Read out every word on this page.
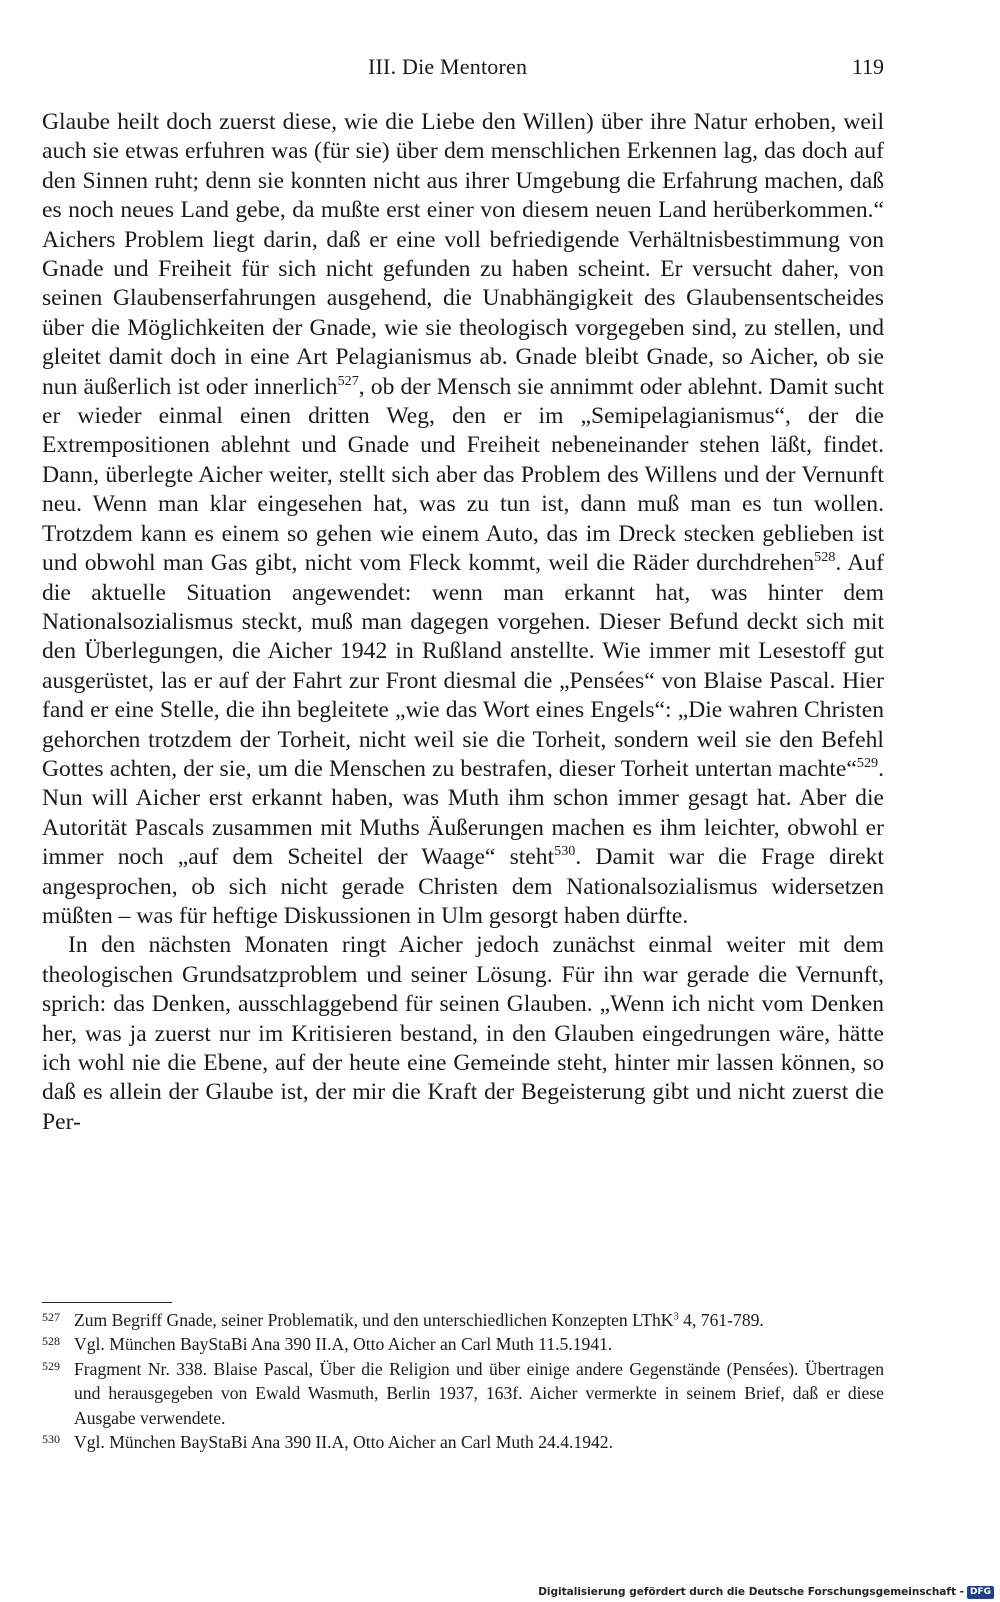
III. Die Mentoren	119

Glaube heilt doch zuerst diese, wie die Liebe den Willen) über ihre Natur erhoben, weil auch sie etwas erfuhren was (für sie) über dem menschlichen Erkennen lag, das doch auf den Sinnen ruht; denn sie konnten nicht aus ihrer Umgebung die Erfahrung machen, daß es noch neues Land gebe, da mußte erst einer von diesem neuen Land herüberkommen.“ Aichers Problem liegt darin, daß er eine voll befriedigende Verhältnisbestimmung von Gnade und Freiheit für sich nicht gefunden zu haben scheint. Er versucht daher, von seinen Glaubenserfahrungen ausgehend, die Unabhängigkeit des Glaubensentscheides über die Möglichkeiten der Gnade, wie sie theologisch vorgegeben sind, zu stellen, und gleitet damit doch in eine Art Pelagianismus ab. Gnade bleibt Gnade, so Aicher, ob sie nun äußerlich ist oder innerlich$^{527}$, ob der Mensch sie annimmt oder ablehnt. Damit sucht er wieder einmal einen dritten Weg, den er im „Semipelagianismus“, der die Extrempositionen ablehnt und Gnade und Freiheit nebeneinander stehen läßt, findet. Dann, überlegte Aicher weiter, stellt sich aber das Problem des Willens und der Vernunft neu. Wenn man klar eingesehen hat, was zu tun ist, dann muß man es tun wollen. Trotzdem kann es einem so gehen wie einem Auto, das im Dreck stecken geblieben ist und obwohl man Gas gibt, nicht vom Fleck kommt, weil die Räder durchdrehen$^{528}$. Auf die aktuelle Situation angewendet: wenn man erkannt hat, was hinter dem Nationalsozialismus steckt, muß man dagegen vorgehen. Dieser Befund deckt sich mit den Überlegungen, die Aicher 1942 in Rußland anstellte. Wie immer mit Lesestoff gut ausgerüstet, las er auf der Fahrt zur Front diesmal die „Pensées“ von Blaise Pascal. Hier fand er eine Stelle, die ihn begleitete „wie das Wort eines Engels“: „Die wahren Christen gehorchen trotzdem der Torheit, nicht weil sie die Torheit, sondern weil sie den Befehl Gottes achten, der sie, um die Menschen zu bestrafen, dieser Torheit untertan machte“$^{529}$. Nun will Aicher erst erkannt haben, was Muth ihm schon immer gesagt hat. Aber die Autorität Pascals zusammen mit Muths Äußerungen machen es ihm leichter, obwohl er immer noch „auf dem Scheitel der Waage“ steht$^{530}$. Damit war die Frage direkt angesprochen, ob sich nicht gerade Christen dem Nationalsozialismus widersetzen müßten – was für heftige Diskussionen in Ulm gesorgt haben dürfte.

In den nächsten Monaten ringt Aicher jedoch zunächst einmal weiter mit dem theologischen Grundsatzproblem und seiner Lösung. Für ihn war gerade die Vernunft, sprich: das Denken, ausschlaggebend für seinen Glauben. „Wenn ich nicht vom Denken her, was ja zuerst nur im Kritisieren bestand, in den Glauben eingedrungen wäre, hätte ich wohl nie die Ebene, auf der heute eine Gemeinde steht, hinter mir lassen können, so daß es allein der Glaube ist, der mir die Kraft der Begeisterung gibt und nicht zuerst die Per-

527 Zum Begriff Gnade, seiner Problematik, und den unterschiedlichen Konzepten LThK$^3$ 4, 761-789.
528 Vgl. München BayStaBi Ana 390 II.A, Otto Aicher an Carl Muth 11.5.1941.
529 Fragment Nr. 338. Blaise Pascal, Über die Religion und über einige andere Gegenstände (Pensées). Übertragen und herausgegeben von Ewald Wasmuth, Berlin 1937, 163f. Aicher vermerkte in seinem Brief, daß er diese Ausgabe verwendete.
530 Vgl. München BayStaBi Ana 390 II.A, Otto Aicher an Carl Muth 24.4.1942.
Digitalisierung gefördert durch die Deutsche Forschungsgemeinschaft - DFG
